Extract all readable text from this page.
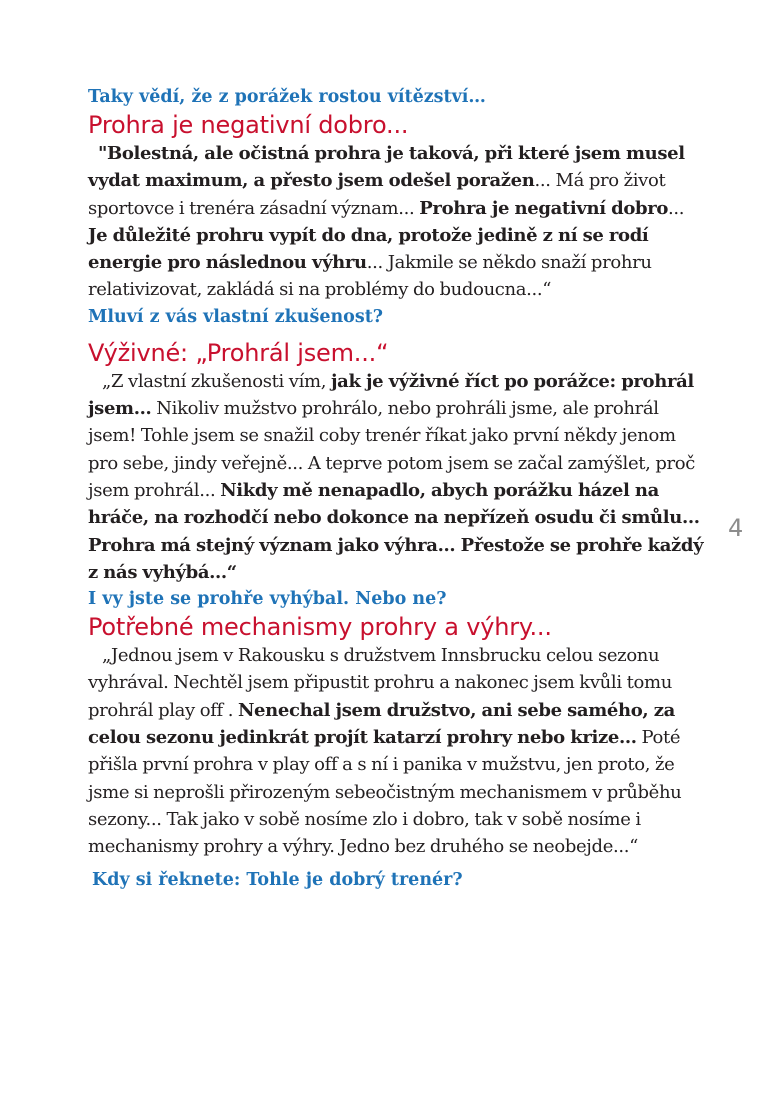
Taky vědí, že z porážek rostou vítězství…

Prohra je negativní dobro...

"Bolestná, ale očistná prohra je taková, při které jsem musel vydat maximum, a přesto jsem odešel poražen... Má pro život sportovce i trenéra zásadní význam... Prohra je negativní dobro... Je důležité prohru vypít do dna, protože jedině z ní se rodí energie pro následnou výhru... Jakmile se někdo snaží prohru relativizovat, zakládá si na problémy do budoucna...“

Mluví z vás vlastní zkušenost?

Výživné: „Prohrál jsem...“

„Z vlastní zkušenosti vím, jak je výživné říct po porážce: prohrál jsem… Nikoliv mužstvo prohrálo, nebo prohráli jsme, ale prohrál jsem! Tohle jsem se snažil coby trenér říkat jako první někdy jenom pro sebe, jindy veřejně... A teprve potom jsem se začal zamýšlet, proč jsem prohrál... Nikdy mě nenapadlo, abych porážku házel na hráče, na rozhodčí nebo dokonce na nepřízeň osudu či smůlu… Prohra má stejný význam jako výhra… Přestože se prohře každý z nás vyhýbá…“

I vy jste se prohře vyhýbal. Nebo ne?

Potřebné mechanismy prohry a výhry...

„Jednou jsem v Rakousku s družstvem Innsbrucku celou sezonu vyhrával. Nechtěl jsem připustit prohru a nakonec jsem kvůli tomu prohrál play off . Nenechal jsem družstvo, ani sebe samého, za celou sezonu jedinkrát projít katarzí prohry nebo krize… Poté přišla první prohra v play off a s ní i panika v mužstvu, jen proto, že jsme si neprošli přirozeným sebeočistným mechanismem v průběhu sezony... Tak jako v sobě nosíme zlo i dobro, tak v sobě nosíme i mechanismy prohry a výhry. Jedno bez druhého se neobejde...“

Kdy si řeknete: Tohle je dobrý trenér?

4
